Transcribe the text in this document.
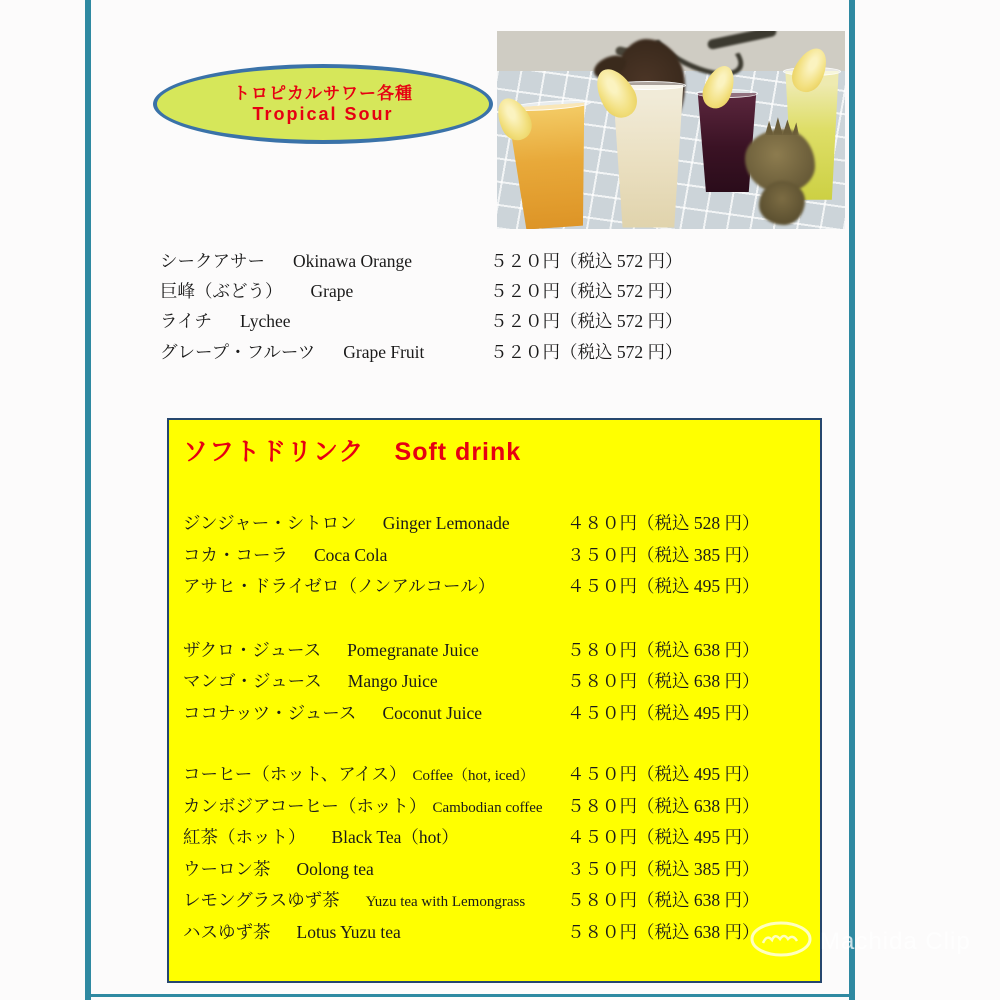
トロピカルサワー各種
Tropical Sour
シークアサー Okinawa Orange	５２０円（税込 572 円）
巨峰（ぶどう） Grape	５２０円（税込 572 円）
ライチ Lychee	５２０円（税込 572 円）
グレープ・フルーツ Grape Fruit	５２０円（税込 572 円）
ソフトドリンク Soft drink
ジンジャー・シトロン Ginger Lemonade	４８０円（税込 528 円）
コカ・コーラ Coca Cola	３５０円（税込 385 円）
アサヒ・ドライゼロ（ノンアルコール）	４５０円（税込 495 円）
ザクロ・ジュース Pomegranate Juice	５８０円（税込 638 円）
マンゴ・ジュース Mango Juice	５８０円（税込 638 円）
ココナッツ・ジュース Coconut Juice	４５０円（税込 495 円）
コーヒー（ホット、アイス） Coffee（hot, iced） ４５０円（税込 495 円）
カンボジアコーヒー（ホット） Cambodian coffee ５８０円（税込 638 円）
紅茶（ホット） Black Tea（hot）	４５０円（税込 495 円）
ウーロン茶 Oolong tea	３５０円（税込 385 円）
レモングラスゆず茶 Yuzu tea with Lemongrass ５８０円（税込 638 円）
ハスゆず茶 Lotus Yuzu tea	５８０円（税込 638 円）	Machida Clip
